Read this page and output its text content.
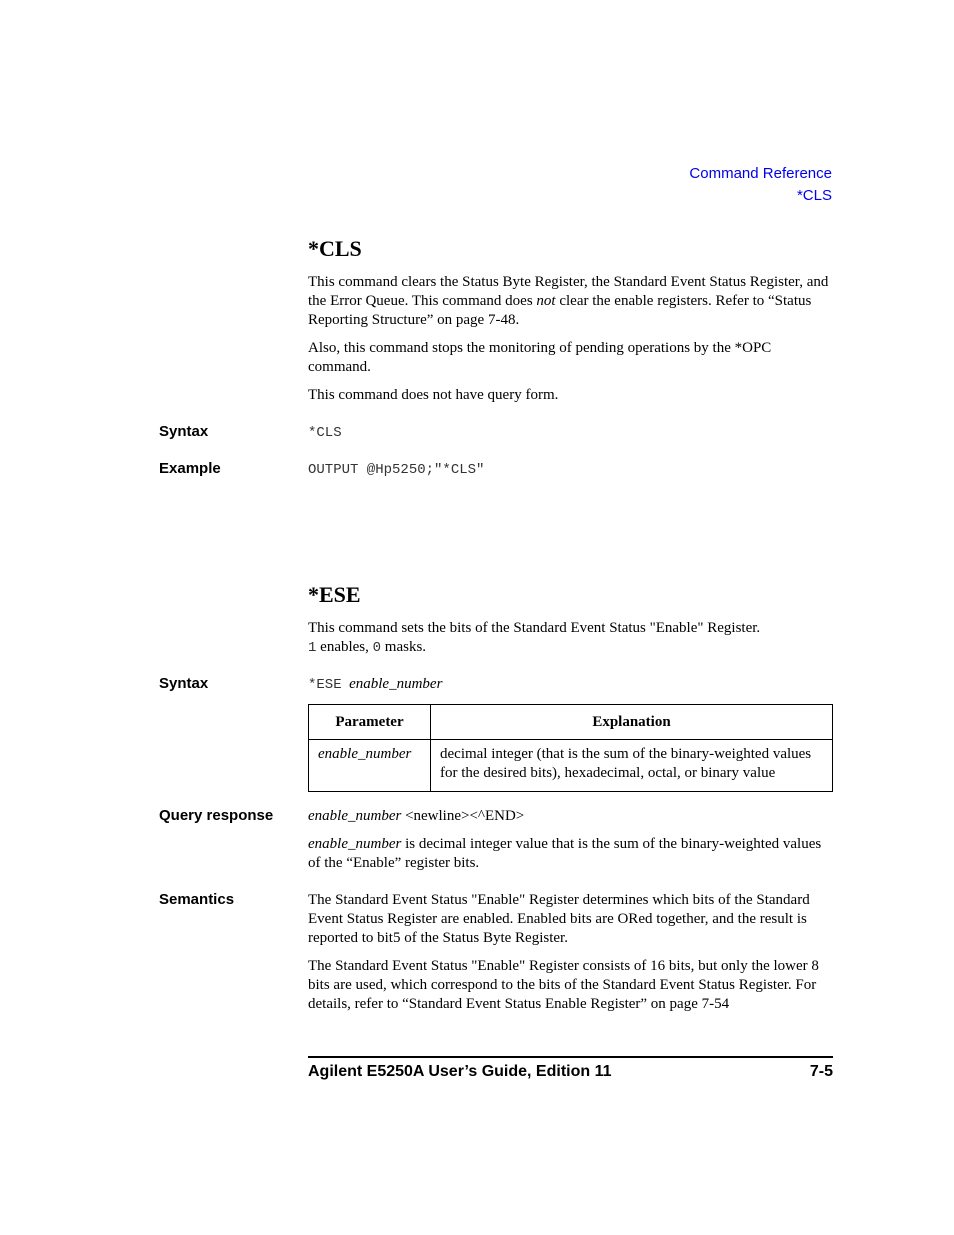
Command Reference
*CLS
*CLS
This command clears the Status Byte Register, the Standard Event Status Register, and the Error Queue. This command does not clear the enable registers. Refer to “Status Reporting Structure” on page 7-48.
Also, this command stops the monitoring of pending operations by the *OPC command.
This command does not have query form.
Syntax	*CLS
Example	OUTPUT @Hp5250;"*CLS"
*ESE
This command sets the bits of the Standard Event Status "Enable" Register.
1 enables, 0 masks.
Syntax	*ESE enable_number
Parameter	Explanation
enable_number	decimal integer (that is the sum of the binary-weighted values for the desired bits), hexadecimal, octal, or binary value
Query response enable_number <newline><^END>
enable_number is decimal integer value that is the sum of the binary-weighted values of the “Enable” register bits.
Semantics	The Standard Event Status "Enable" Register determines which bits of the Standard Event Status Register are enabled. Enabled bits are ORed together, and the result is reported to bit5 of the Status Byte Register.
The Standard Event Status "Enable" Register consists of 16 bits, but only the lower 8 bits are used, which correspond to the bits of the Standard Event Status Register. For details, refer to “Standard Event Status Enable Register” on page 7-54
Agilent E5250A User’s Guide, Edition 11	7-5
